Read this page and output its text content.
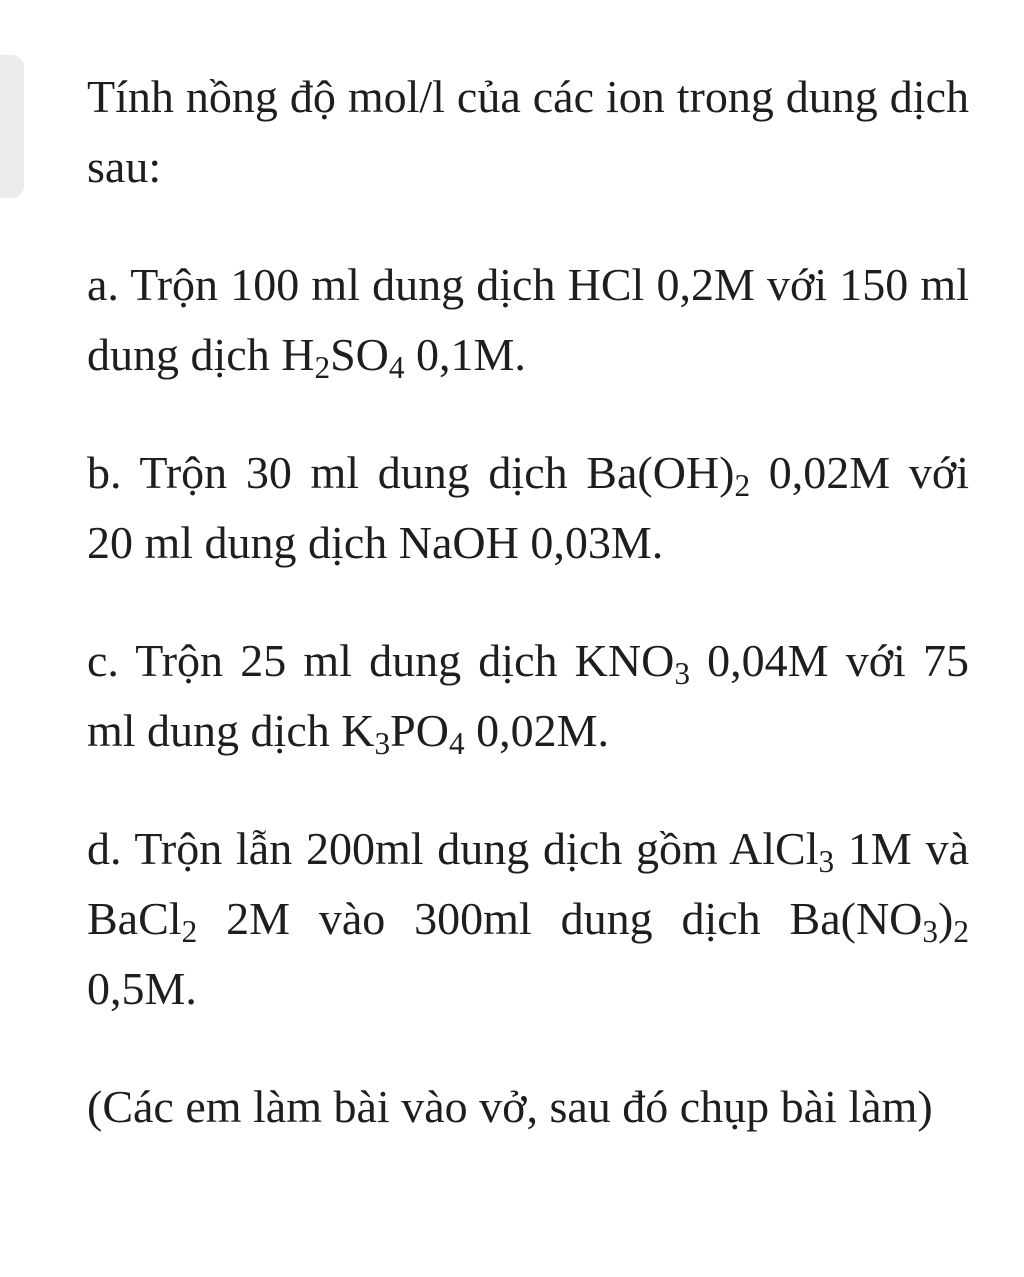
Tính nồng độ mol/l của các ion trong dung dịch sau:

a. Trộn 100 ml dung dịch HCl 0,2M với 150 ml dung dịch $H_2SO_4$ 0,1M.

b. Trộn 30 ml dung dịch $Ba(OH)_2$ 0,02M với 20 ml dung dịch NaOH 0,03M.

c. Trộn 25 ml dung dịch $KNO_3$ 0,04M với 75 ml dung dịch $K_3PO_4$ 0,02M.

d. Trộn lẫn 200ml dung dịch gồm AlCl$_3$ 1M và BaCl$_2$ 2M vào 300ml dung dịch $Ba(NO_3)_2$ 0,5M.

(Các em làm bài vào vở, sau đó chụp bài làm)
